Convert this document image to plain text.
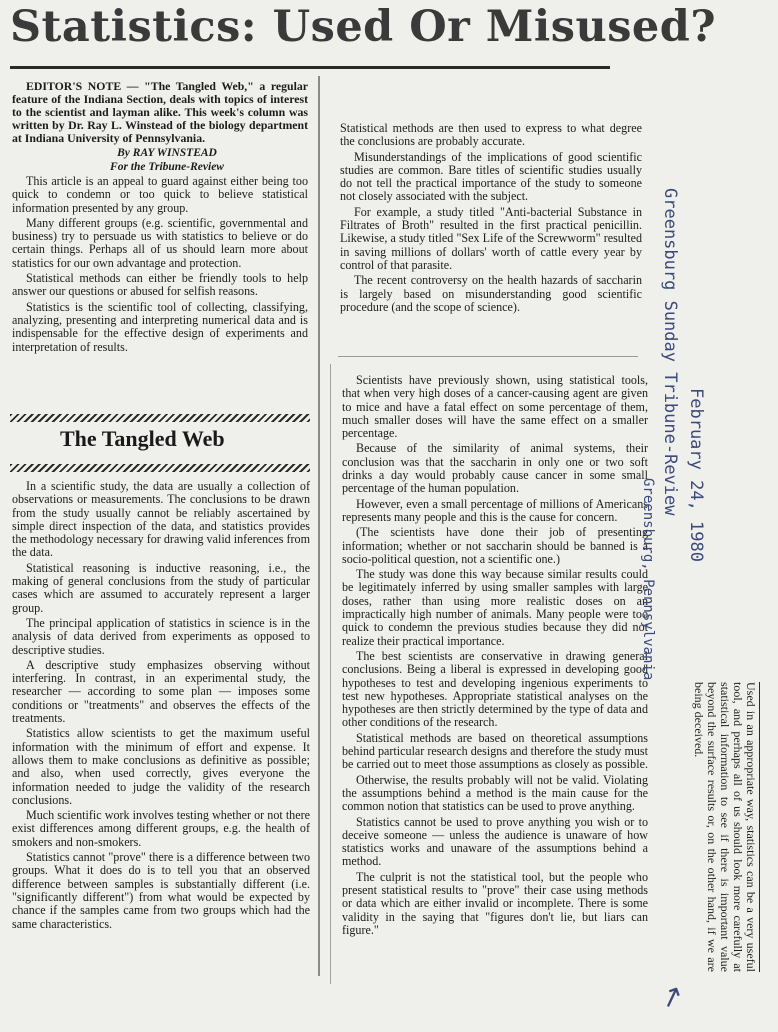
Statistics: Used Or Misused?

EDITOR'S NOTE — "The Tangled Web," a regular feature of the Indiana Section, deals with topics of interest to the scientist and layman alike. This week's column was written by Dr. Ray L. Winstead of the biology department at Indiana University of Pennsylvania.

By RAY WINSTEAD

For the Tribune-Review

This article is an appeal to guard against either being too quick to condemn or too quick to believe statistical information presented by any group.

Many different groups (e.g. scientific, governmental and business) try to persuade us with statistics to believe or do certain things. Perhaps all of us should learn more about statistics for our own advantage and protection.

Statistical methods can either be friendly tools to help answer our questions or abused for selfish reasons.

Statistics is the scientific tool of collecting, classifying, analyzing, presenting and interpreting numerical data and is indispensable for the effective design of experiments and interpretation of results.

The Tangled Web

Statistical methods are then used to express to what degree the conclusions are probably accurate.

Misunderstandings of the implications of good scientific studies are common. Bare titles of scientific studies usually do not tell the practical importance of the study to someone not closely associated with the subject.

For example, a study titled "Anti-bacterial Substance in Filtrates of Broth" resulted in the first practical penicillin. Likewise, a study titled "Sex Life of the Screwworm" resulted in saving millions of dollars' worth of cattle every year by control of that parasite.

The recent controversy on the health hazards of saccharin is largely based on misunderstanding good scientific procedure (and the scope of science).

In a scientific study, the data are usually a collection of observations or measurements. The conclusions to be drawn from the study usually cannot be reliably ascertained by simple direct inspection of the data, and statistics provides the methodology necessary for drawing valid inferences from the data.

Statistical reasoning is inductive reasoning, i.e., the making of general conclusions from the study of particular cases which are assumed to accurately represent a larger group.

The principal application of statistics in science is in the analysis of data derived from experiments as opposed to descriptive studies.

A descriptive study emphasizes observing without interfering. In contrast, in an experimental study, the researcher — according to some plan — imposes some conditions or "treatments" and observes the effects of the treatments.

Statistics allow scientists to get the maximum useful information with the minimum of effort and expense. It allows them to make conclusions as definitive as possible; and also, when used correctly, gives everyone the information needed to judge the validity of the research conclusions.

Much scientific work involves testing whether or not there exist differences among different groups, e.g. the health of smokers and non-smokers.

Statistics cannot "prove" there is a difference between two groups. What it does do is to tell you that an observed difference between samples is substantially different (i.e. "significantly different") from what would be expected by chance if the samples came from two groups which had the same characteristics.

Scientists have previously shown, using statistical tools, that when very high doses of a cancer-causing agent are given to mice and have a fatal effect on some percentage of them, much smaller doses will have the same effect on a smaller percentage.

Because of the similarity of animal systems, their conclusion was that the saccharin in only one or two soft drinks a day would probably cause cancer in some small percentage of the human population.

However, even a small percentage of millions of Americans represents many people and this is the cause for concern.

(The scientists have done their job of presenting information; whether or not saccharin should be banned is a socio-political question, not a scientific one.)

The study was done this way because similar results could be legitimately inferred by using smaller samples with large doses, rather than using more realistic doses on an impractically high number of animals. Many people were too quick to condemn the previous studies because they did not realize their practical importance.

The best scientists are conservative in drawing general conclusions. Being a liberal is expressed in developing good hypotheses to test and developing ingenious experiments to test new hypotheses. Appropriate statistical analyses on the hypotheses are then strictly determined by the type of data and other conditions of the research.

Statistical methods are based on theoretical assumptions behind particular research designs and therefore the study must be carried out to meet those assumptions as closely as possible.

Otherwise, the results probably will not be valid. Violating the assumptions behind a method is the main cause for the common notion that statistics can be used to prove anything.

Statistics cannot be used to prove anything you wish or to deceive someone — unless the audience is unaware of how statistics works and unaware of the assumptions behind a method.

The culprit is not the statistical tool, but the people who present statistical results to "prove" their case using methods or data which are either invalid or incomplete. There is some validity in the saying that "figures don't lie, but liars can figure."

Greensburg Sunday Tribune-Review February 24, 1980
Greensburg, Pennsylvania
Used in an appropriate way, statistics can be a very useful tool, and perhaps all of us should look more carefully at statistical information to see if there is important value beyond the surface results or, on the other hand, if we are being deceived.
↗
